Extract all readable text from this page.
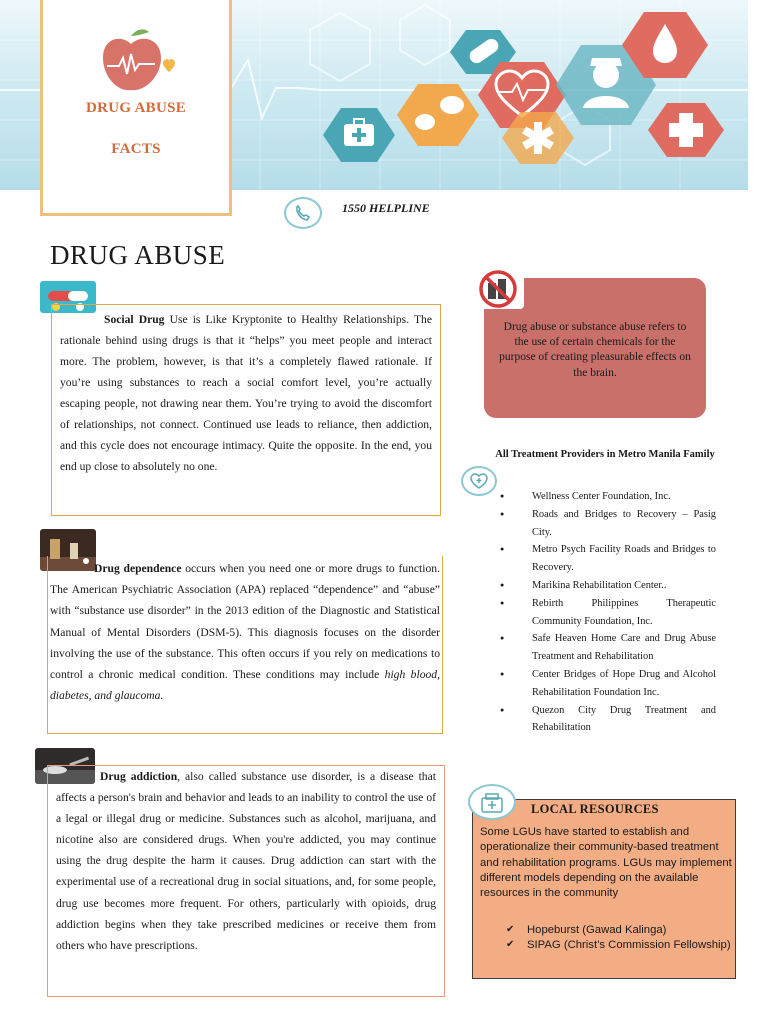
DRUG ABUSE
FACTS
1550 HELPLINE
DRUG ABUSE
Social Drug Use is Like Kryptonite to Healthy Relationships. The rationale behind using drugs is that it “helps” you meet people and interact more. The problem, however, is that it’s a completely flawed rationale. If you’re using substances to reach a social comfort level, you’re actually escaping people, not drawing near them. You’re trying to avoid the discomfort of relationships, not connect. Continued use leads to reliance, then addiction, and this cycle does not encourage intimacy. Quite the opposite. In the end, you end up close to absolutely no one.
Drug dependence occurs when you need one or more drugs to function. The American Psychiatric Association (APA) replaced “dependence” and “abuse” with “substance use disorder” in the 2013 edition of the Diagnostic and Statistical Manual of Mental Disorders (DSM-5). This diagnosis focuses on the disorder involving the use of the substance. This often occurs if you rely on medications to control a chronic medical condition. These conditions may include high blood, diabetes, and glaucoma.
Drug addiction, also called substance use disorder, is a disease that affects a person's brain and behavior and leads to an inability to control the use of a legal or illegal drug or medicine. Substances such as alcohol, marijuana, and nicotine also are considered drugs. When you're addicted, you may continue using the drug despite the harm it causes. Drug addiction can start with the experimental use of a recreational drug in social situations, and, for some people, drug use becomes more frequent. For others, particularly with opioids, drug addiction begins when they take prescribed medicines or receive them from others who have prescriptions.
Drug abuse or substance abuse refers to the use of certain chemicals for the purpose of creating pleasurable effects on the brain.
All Treatment Providers in Metro Manila Family
● Wellness Center Foundation, Inc.
● Roads and Bridges to Recovery – Pasig City.
● Metro Psych Facility Roads and Bridges to Recovery.
● Marikina Rehabilitation Center..
● Rebirth Philippines Therapeutic Community Foundation, Inc.
● Safe Heaven Home Care and Drug Abuse Treatment and Rehabilitation
● Center Bridges of Hope Drug and Alcohol Rehabilitation Foundation Inc.
● Quezon City Drug Treatment and Rehabilitation
LOCAL RESOURCES
Some LGUs have started to establish and operationalize their community-based treatment and rehabilitation programs. LGUs may implement different models depending on the available resources in the community
✔ Hopeburst (Gawad Kalinga)
✔ SIPAG (Christ’s Commission Fellowship)
